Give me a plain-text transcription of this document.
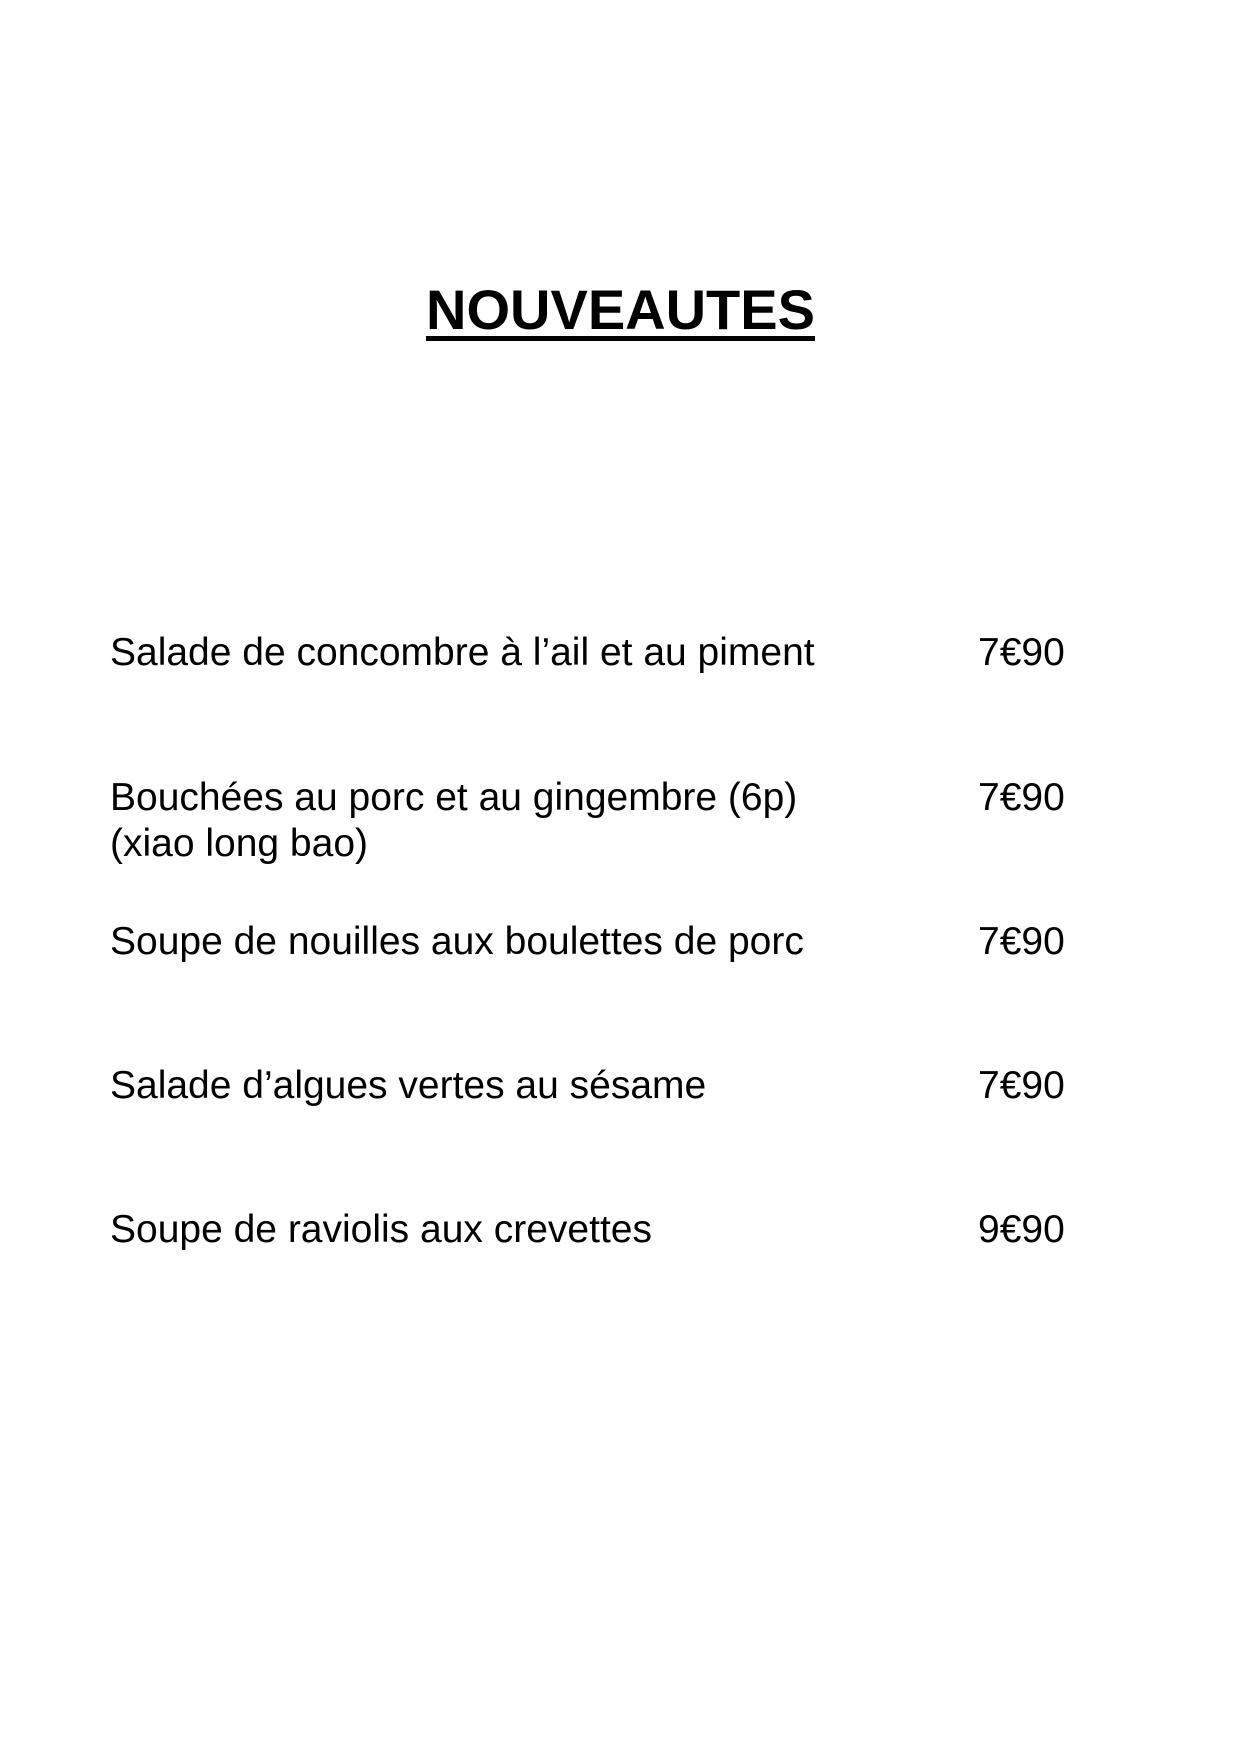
NOUVEAUTES
Salade de concombre à l’ail et au piment	7€90
Bouchées au porc et au gingembre (6p)
(xiao long bao)
7€90
Soupe de nouilles aux boulettes de porc	7€90
Salade d’algues vertes au sésame	7€90
Soupe de raviolis aux crevettes	9€90
